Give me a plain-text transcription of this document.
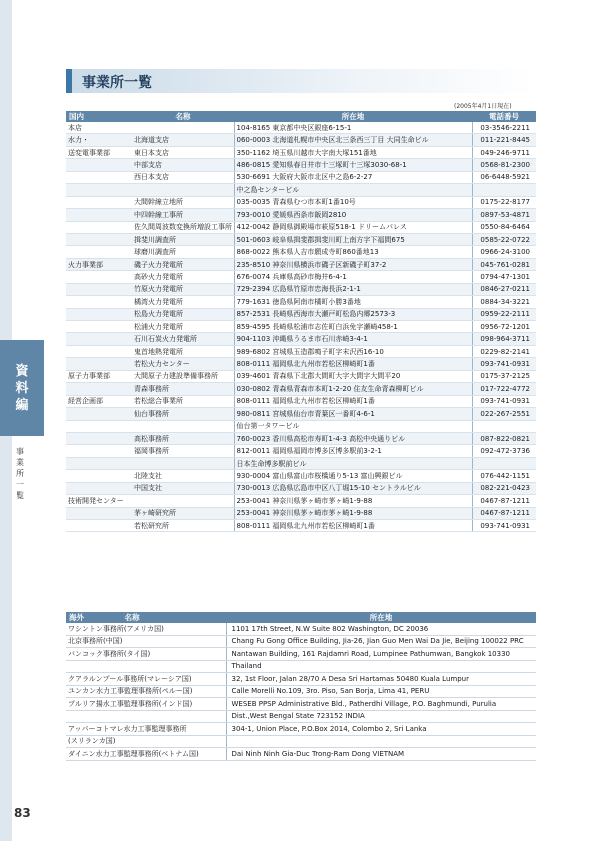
資
料
編
事
業
所
一
覧
83
事業所一覧
(2005年4月1日現在)
国内	名称	所在地	電話番号
本店		104-8165 東京都中央区銀座6-15-1	03-3546-2211
水力・	北海道支店	060-0003 北海道札幌市中央区北三条西三丁目 大同生命ビル	011-221-8445
送変電事業部	東日本支店	350-1162 埼玉県川越市大字南大塚151番地	049-246-9711
	中部支店	486-0815 愛知県春日井市十三塚町十三塚3030-68-1	0568-81-2300
	西日本支店	530-6691 大阪府大阪市北区中之島6-2-27	06-6448-5921
		中之島センタービル	
	大間幹線立地所	035-0035 青森県むつ市本町1番10号	0175-22-8177
	中四幹線工事所	793-0010 愛媛県西条市飯岡2810	0897-53-4871
	佐久間周波数変換所増設工事所	412-0042 静岡県御殿場市萩原518-1 ドリームパレス	0550-84-6464
	揖斐川調査所	501-0603 岐阜県揖斐郡揖斐川町上南方字下福間675	0585-22-0722
	球磨川調査所	868-0022 熊本県人吉市願成寺町860番地13	0966-24-3100
火力事業部	磯子火力発電所	235-8510 神奈川県横浜市磯子区新磯子町37-2	045-761-0281
	高砂火力発電所	676-0074 兵庫県高砂市梅井6-4-1	0794-47-1301
	竹原火力発電所	729-2394 広島県竹原市忠海長浜2-1-1	0846-27-0211
	橘湾火力発電所	779-1631 徳島県阿南市橘町小勝3番地	0884-34-3221
	松島火力発電所	857-2531 長崎県西海市大瀬戸町松島内郷2573-3	0959-22-2111
	松浦火力発電所	859-4595 長崎県松浦市志佐町白浜免字瀬崎458-1	0956-72-1201
	石川石炭火力発電所	904-1103 沖縄県うるま市石川赤崎3-4-1	098-964-3711
	鬼首地熱発電所	989-6802 宮城県玉造郡鳴子町字末沢西16-10	0229-82-2141
	若松火力センター	808-0111 福岡県北九州市若松区柳崎町1番	093-741-0931
原子力事業部	大間原子力建設準備事務所	039-4601 青森県下北郡大間町大字大間字大間平20	0175-37-2125
	青森事務所	030-0802 青森県青森市本町1-2-20 住友生命青森柳町ビル	017-722-4772
経営企画部	若松総合事業所	808-0111 福岡県北九州市若松区柳崎町1番	093-741-0931
	仙台事務所	980-0811 宮城県仙台市青葉区一番町4-6-1	022-267-2551
		仙台第一タワービル	
	高松事務所	760-0023 香川県高松市寿町1-4-3 高松中央通りビル	087-822-0821
	福岡事務所	812-0011 福岡県福岡市博多区博多駅前3-2-1	092-472-3736
		日本生命博多駅前ビル	
	北陸支社	930-0004 富山県富山市桜橋通り5-13 富山興銀ビル	076-442-1151
	中国支社	730-0013 広島県広島市中区八丁堀15-10 セントラルビル	082-221-0423
技術開発センター		253-0041 神奈川県茅ヶ崎市茅ヶ崎1-9-88	0467-87-1211
	茅ヶ崎研究所	253-0041 神奈川県茅ヶ崎市茅ヶ崎1-9-88	0467-87-1211
	若松研究所	808-0111 福岡県北九州市若松区柳崎町1番	093-741-0931
海外 名称	所在地
ワシントン事務所(アメリカ国)	1101 17th Street, N.W Suite 802 Washington, DC 20036
北京事務所(中国)	Chang Fu Gong Office Building, Jia-26, Jian Guo Men Wai Da Jie, Beijing 100022 PRC
バンコック事務所(タイ国)	Nantawan Building, 161 Rajdamri Road, Lumpinee Pathumwan, Bangkok 10330
	Thailand
クアラルンプール事務所(マレーシア国)	32, 1st Floor, Jalan 28/70 A Desa Sri Hartamas 50480 Kuala Lumpur
ユンカン水力工事監理事務所(ペルー国)	Calle Morelli No.109, 3ro. Piso, San Borja, Lima 41, PERU
プルリア揚水工事監理事務所(インド国)	WESEB PPSP Administrative Bld., Patherdhi Village, P.O. Baghmundi, Purulia
	Dist.,West Bengal State 723152 INDIA
アッパーコトマレ水力工事監理事務所	304-1, Union Place, P.O.Box 2014, Colombo 2, Sri Lanka
(スリランカ国)	
ダイニン水力工事監理事務所(ベトナム国)	Dai Ninh Ninh Gia-Duc Trong-Ram Dong VIETNAM
